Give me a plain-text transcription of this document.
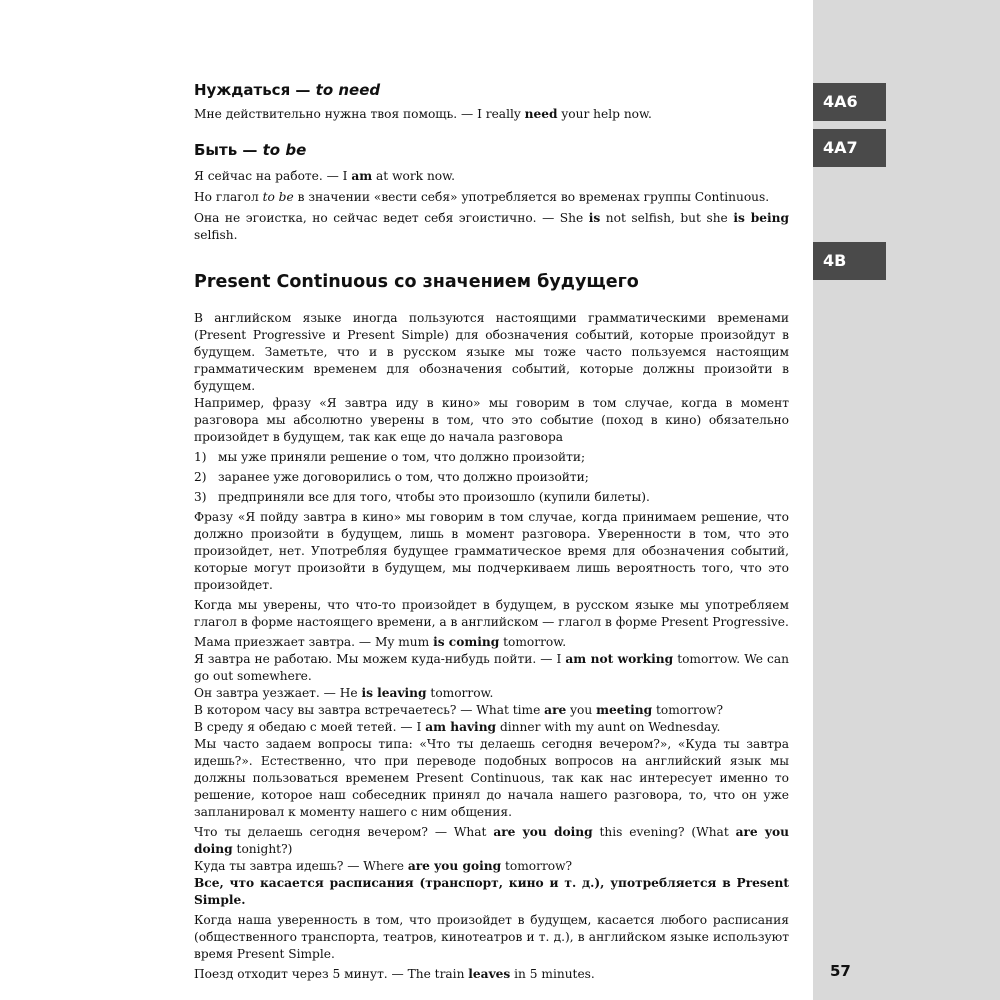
4A6
4A7
4B
57
Нуждаться — to need

Мне действительно нужна твоя помощь. — I really need your help now.

Быть — to be

Я сейчас на работе. — I am at work now.

Но глагол to be в значении «вести себя» употребляется во временах группы Continuous.

Она не эгоистка, но сейчас ведет себя эгоистично. — She is not selfish, but she is being selfish.

Present Continuous со значением будущего

В английском языке иногда пользуются настоящими грамматическими временами (Present Progressive и Present Simple) для обозначения событий, которые произойдут в будущем. Заметьте, что и в русском языке мы тоже часто пользуемся настоящим грамматическим временем для обозначения событий, которые должны произойти в будущем.

Например, фразу «Я завтра иду в кино» мы говорим в том случае, когда в момент разговора мы абсолютно уверены в том, что это событие (поход в кино) обязательно произойдет в будущем, так как еще до начала разговора

1) мы уже приняли решение о том, что должно произойти;
2) заранее уже договорились о том, что должно произойти;
3) предприняли все для того, чтобы это произошло (купили билеты).

Фразу «Я пойду завтра в кино» мы говорим в том случае, когда принимаем решение, что должно произойти в будущем, лишь в момент разговора. Уверенности в том, что это произойдет, нет. Употребляя будущее грамматическое время для обозначения событий, которые могут произойти в будущем, мы подчеркиваем лишь вероятность того, что это произойдет.

Когда мы уверены, что что-то произойдет в будущем, в русском языке мы употребляем глагол в форме настоящего времени, а в английском — глагол в форме Present Progressive.

Мама приезжает завтра. — My mum is coming tomorrow.

Я завтра не работаю. Мы можем куда-нибудь пойти. — I am not working tomorrow. We can go out somewhere.

Он завтра уезжает. — He is leaving tomorrow.

В котором часу вы завтра встречаетесь? — What time are you meeting tomorrow?

В среду я обедаю с моей тетей. — I am having dinner with my aunt on Wednesday.

Мы часто задаем вопросы типа: «Что ты делаешь сегодня вечером?», «Куда ты завтра идешь?». Естественно, что при переводе подобных вопросов на английский язык мы должны пользоваться временем Present Continuous, так как нас интересует именно то решение, которое наш собеседник принял до начала нашего разговора, то, что он уже запланировал к моменту нашего с ним общения.

Что ты делаешь сегодня вечером? — What are you doing this evening? (What are you doing tonight?)

Куда ты завтра идешь? — Where are you going tomorrow?

Все, что касается расписания (транспорт, кино и т. д.), употребляется в Present Simple.

Когда наша уверенность в том, что произойдет в будущем, касается любого расписания (общественного транспорта, театров, кинотеатров и т. д.), в английском языке используют время Present Simple.

Поезд отходит через 5 минут. — The train leaves in 5 minutes.
